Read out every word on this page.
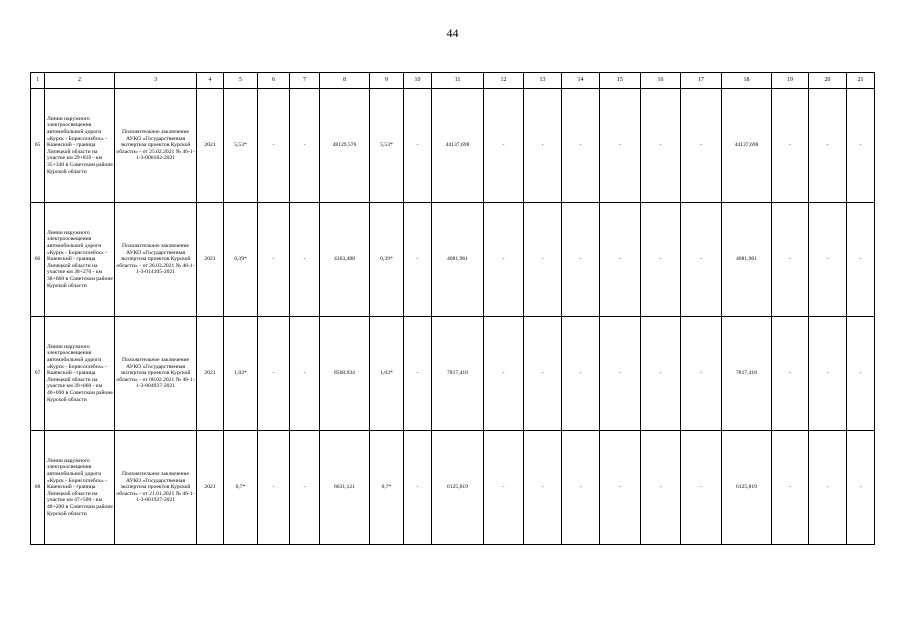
44
1	2	3	4	5	6	7	8	9	10	11	12	13	14	15	16	17	18	19	20	21
65	Линии наружного электроосвещения автомобильной дороги «Курск - Борисоглебск» - Кшенский - граница Липецкой области на участке км 29+810 - км 35+340 в Советском районе Курской области	Положительное заключение АУКО «Государственная экспертиза проектов Курской области» - от 25.02.2021 № 46-1-1-3-008182-2021	2021	5,53*	-	-	48129,576	5,53*	-	44137,698	-	-	-	-	-	-	44137,698	-	-	-
66	Линии наружного электроосвещения автомобильной дороги «Курск - Борисоглебск» - Кшенский - граница Липецкой области на участке км 38+270 - км 38+660 в Советском районе Курской области	Положительное заключение АУКО «Государственная экспертиза проектов Курской области» - от 26.03.2021 № 46-1-1-3-014105-2021	2021	0,39*	-	-	4363,488	0,39*	-	4081,961	-	-	-	-	-	-	4081,961	-	-	-
67	Линии наружного электроосвещения автомобильной дороги «Курск - Борисоглебск» - Кшенский - граница Липецкой области на участке км 39+660 - км 40+690 в Советском районе Курской области	Положительное заключение АУКО «Государственная экспертиза проектов Курской области» - от 08.02.2021 № 46-1-1-3-004937-2021	2021	1,03*	-	-	8560,934	1,03*	-	7817,418	-	-	-	-	-	-	7817,418	-	-	-
68	Линии наружного электроосвещения автомобильной дороги «Курск - Борисоглебск» - Кшенский - граница Липецкой области на участке км 47+500 - км 48+200 в Советском районе Курской области	Положительное заключение АУКО «Государственная экспертиза проектов Курской области» - от 21.01.2021 № 46-1-1-3-001927-2021	2021	0,7*	-	-	6631,121	0,7*	-	6125,819	-	-	-	-	-	-	6125,819	-	-	-
